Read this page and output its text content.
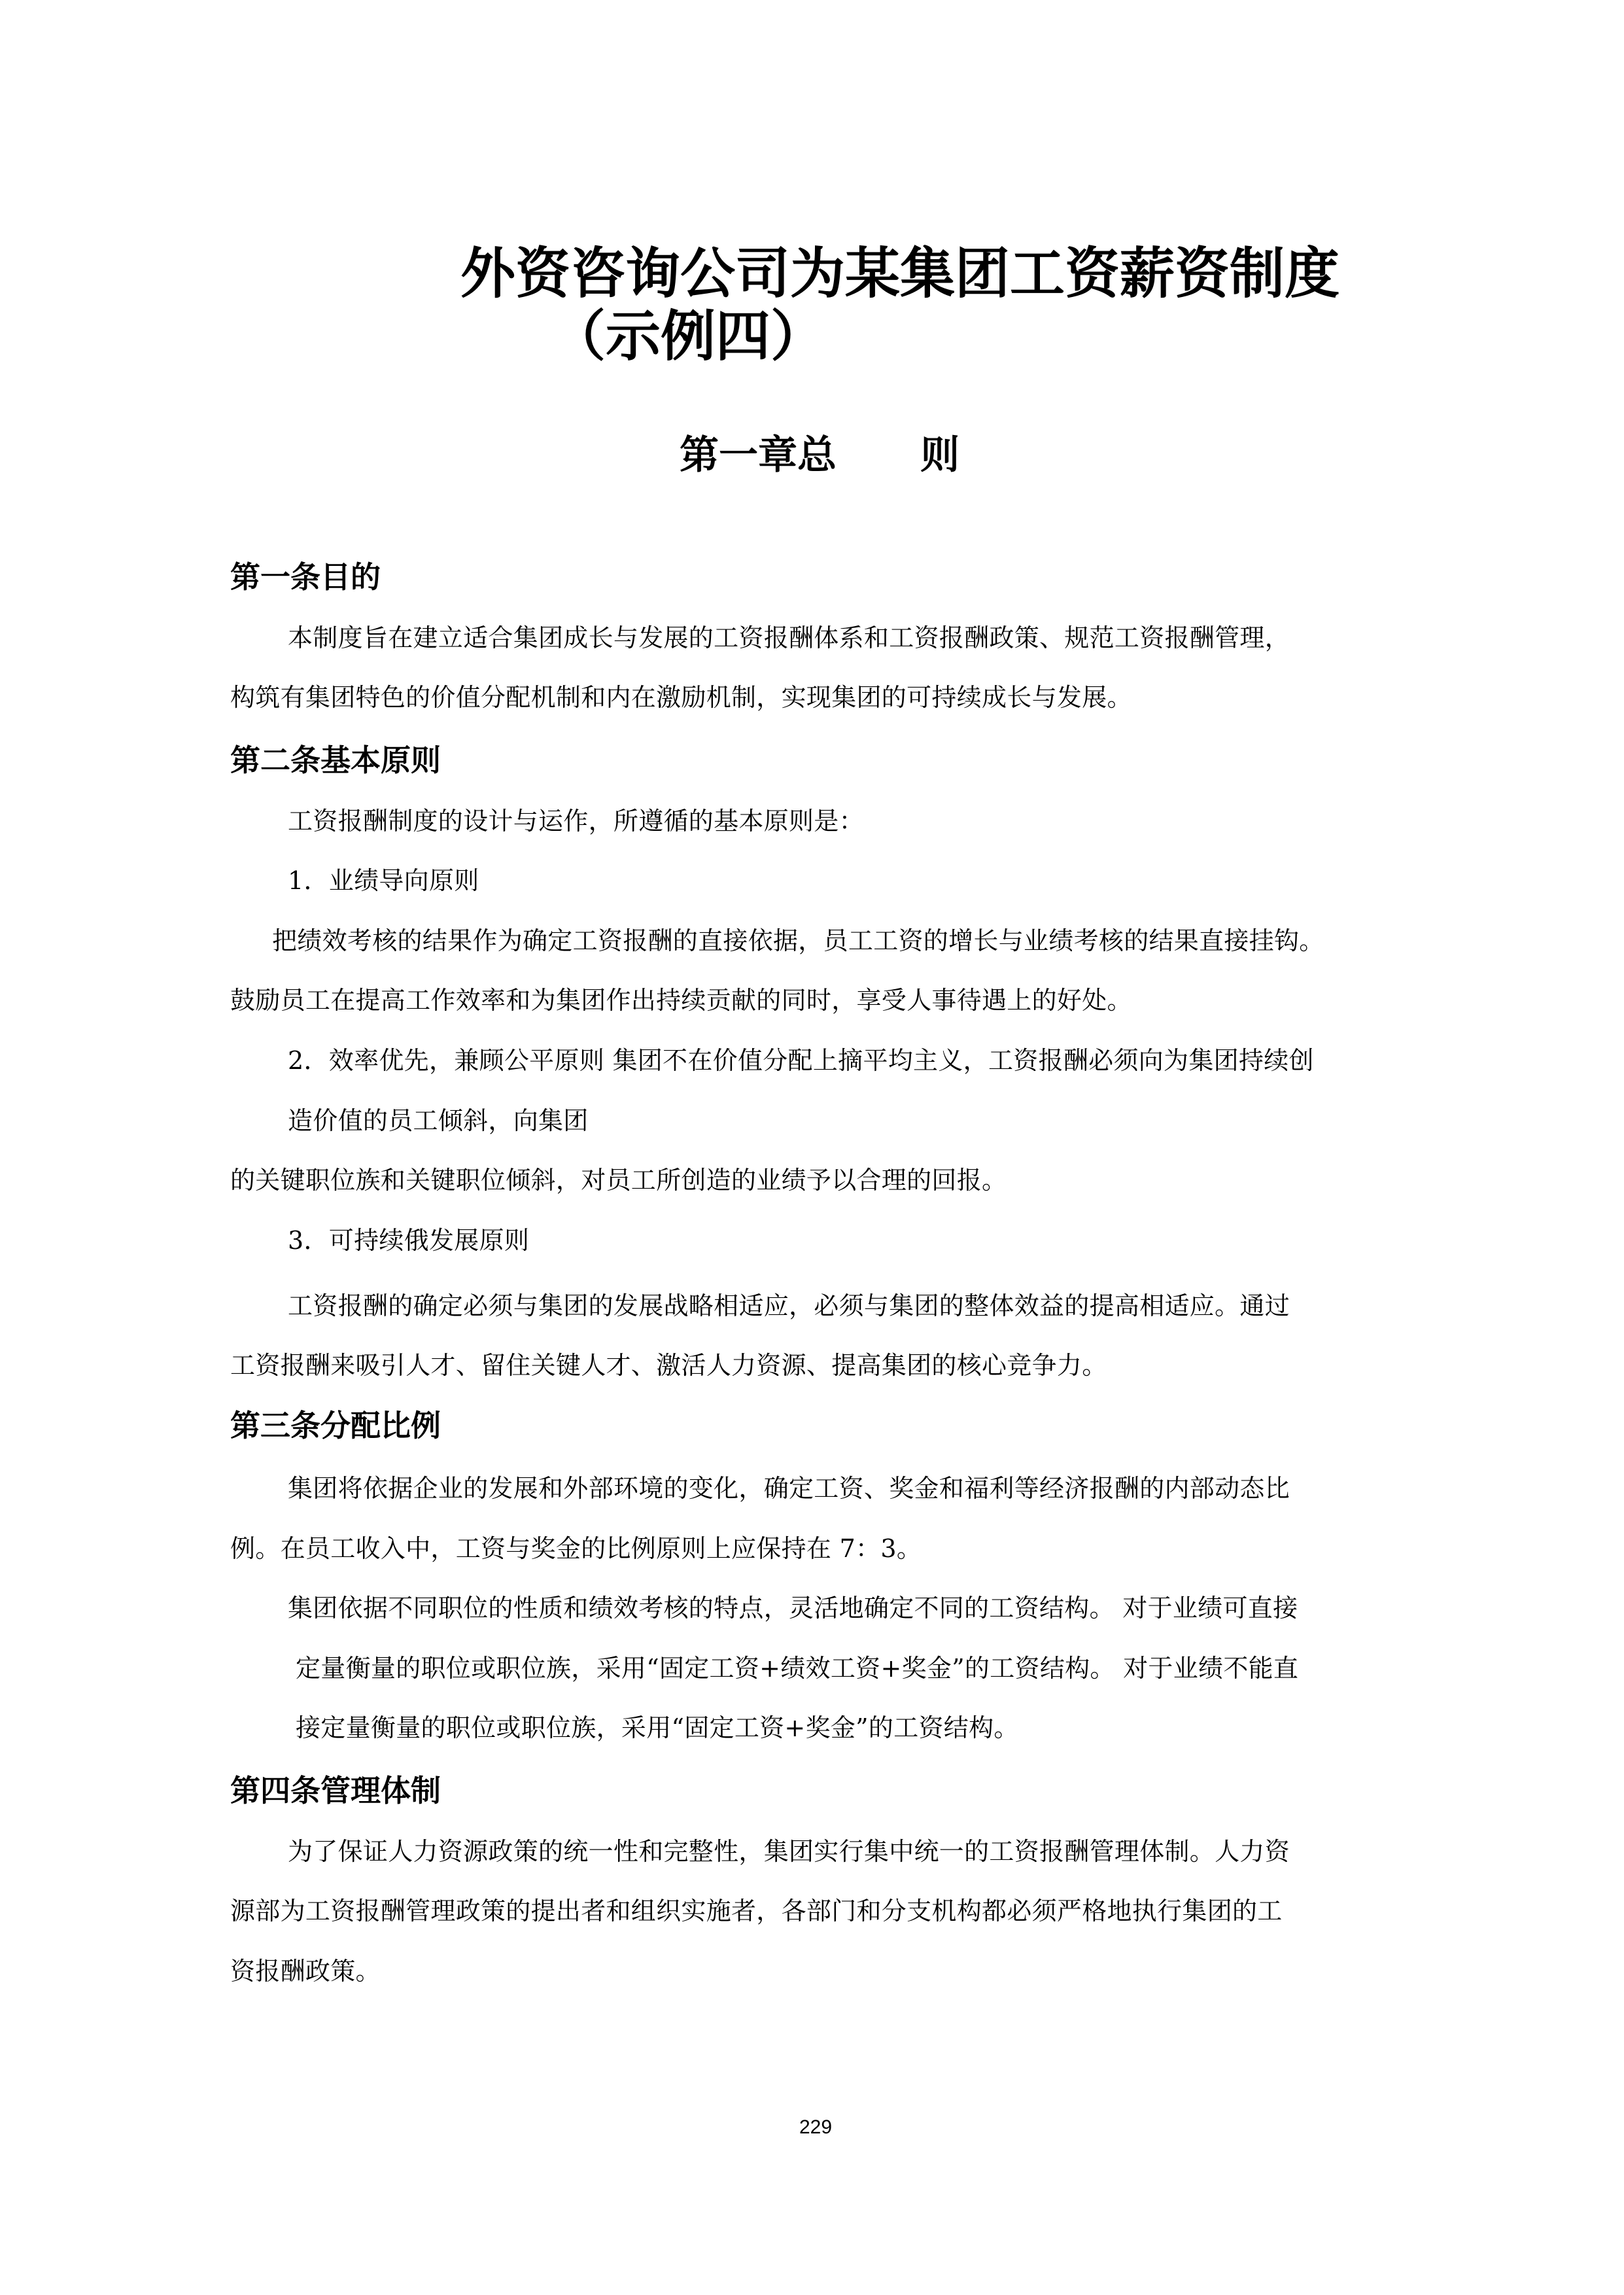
外资咨询公司为某集团工资薪资制度
（示例四）
第一章总 则
第一条目的
本制度旨在建立适合集团成长与发展的工资报酬体系和工资报酬政策、规范工资报酬管理，
构筑有集团特色的价值分配机制和内在激励机制，实现集团的可持续成长与发展。
第二条基本原则
工资报酬制度的设计与运作，所遵循的基本原则是：
1．业绩导向原则
把绩效考核的结果作为确定工资报酬的直接依据，员工工资的增长与业绩考核的结果直接挂钩。
鼓励员工在提高工作效率和为集团作出持续贡献的同时，享受人事待遇上的好处。
2．效率优先，兼顾公平原则 集团不在价值分配上摘平均主义，工资报酬必须向为集团持续创
造价值的员工倾斜，向集团
的关键职位族和关键职位倾斜，对员工所创造的业绩予以合理的回报。
3．可持续俄发展原则
工资报酬的确定必须与集团的发展战略相适应，必须与集团的整体效益的提高相适应。通过
工资报酬来吸引人才、留住关键人才、激活人力资源、提高集团的核心竞争力。
第三条分配比例
集团将依据企业的发展和外部环境的变化，确定工资、奖金和福利等经济报酬的内部动态比
例。在员工收入中，工资与奖金的比例原则上应保持在 7：3。
集团依据不同职位的性质和绩效考核的特点，灵活地确定不同的工资结构。 对于业绩可直接
定量衡量的职位或职位族，采用“固定工资+绩效工资+奖金”的工资结构。 对于业绩不能直
接定量衡量的职位或职位族，采用“固定工资+奖金”的工资结构。
第四条管理体制
为了保证人力资源政策的统一性和完整性，集团实行集中统一的工资报酬管理体制。人力资
源部为工资报酬管理政策的提出者和组织实施者，各部门和分支机构都必须严格地执行集团的工
资报酬政策。
229
